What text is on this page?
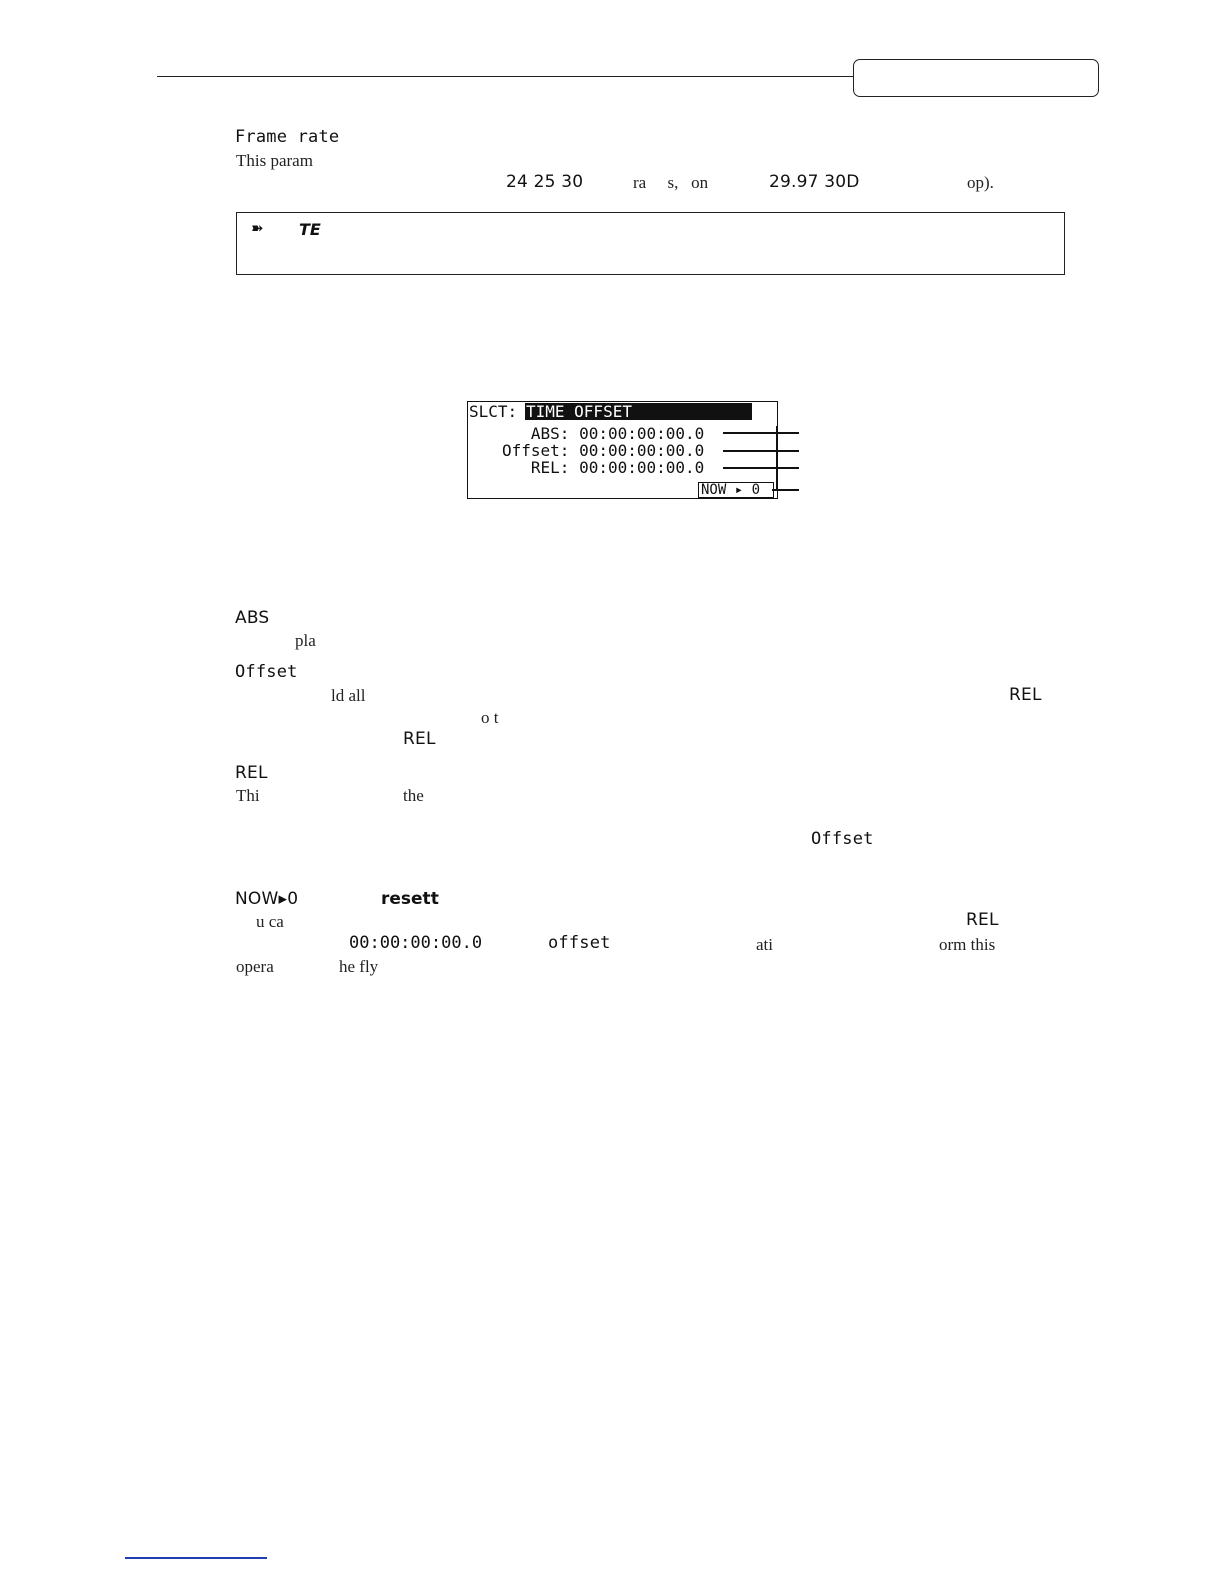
Frame rate
This param
24 25 30	ra     s,   on	29.97 30D	op).
➽ TE
SLCT: TIME OFFSET
ABS: 00:00:00:00.0
Offset: 00:00:00:00.0
REL: 00:00:00:00.0
NOW ▸ 0
ABS
pla
Offset
ld all	REL
o t
REL
REL
Thi	the
Offset
NOW▸0	resett
u ca	REL
00:00:00:00.0	offset	ati	orm this
opera	he fly
